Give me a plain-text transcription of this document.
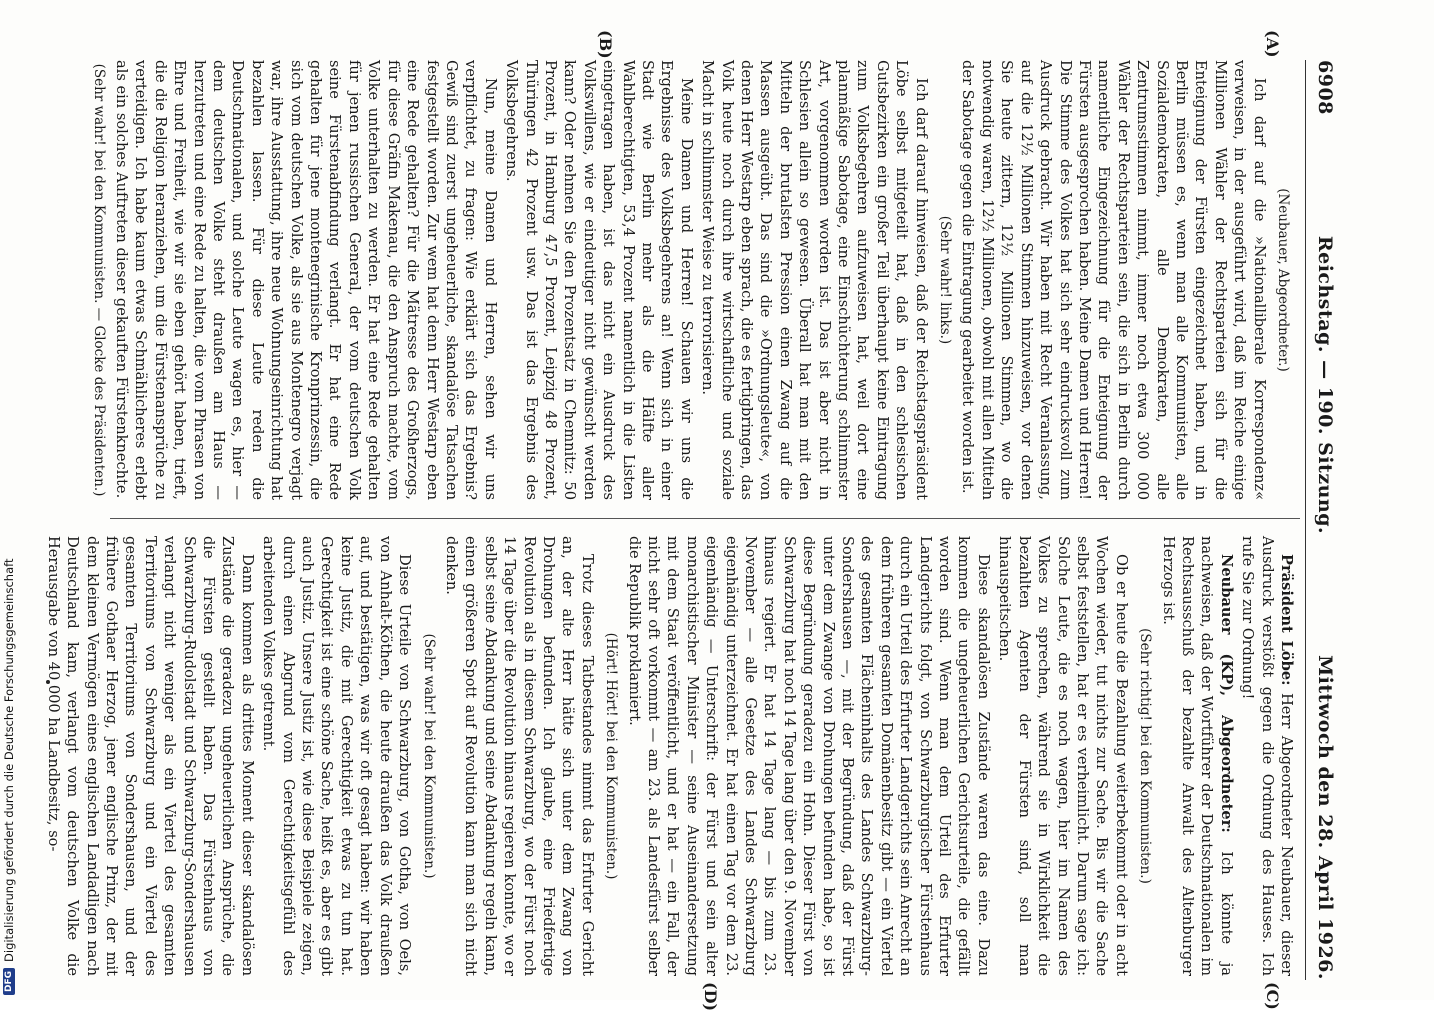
6908
Reichstag. — 190. Sitzung.
Mittwoch den 28. April 1926.
(A)
(B)
(C)
(D)

(Neubauer, Abgeordneter.)

Ich darf auf die »Nationalliberale Korrespondenz« verweisen, in der ausgeführt wird, daß im Reiche einige Millionen Wähler der Rechtsparteien sich für die Enteignung der Fürsten eingezeichnet haben, und in Berlin müssen es, wenn man alle Kommunisten, alle Sozialdemokraten, alle Demokraten, alle Zentrumsstimmen nimmt, immer noch etwa 300 000 Wähler der Rechtsparteien sein, die sich in Berlin durch namentliche Eingezeichnung für die Enteignung der Fürsten ausgesprochen haben. Meine Damen und Herren! Die Stimme des Volkes hat sich sehr eindrucksvoll zum Ausdruck gebracht. Wir haben mit Recht Veranlassung, auf die 12½ Millionen Stimmen hinzuweisen, vor denen Sie heute zittern, 12½ Millionen Stimmen, wo die notwendig waren, 12½ Millionen, obwohl mit allen Mitteln der Sabotage gegen die Eintragung gearbeitet worden ist.

(Sehr wahr! links.)

Ich darf darauf hinweisen, daß der Reichstagspräsident Löbe selbst mitgeteilt hat, daß in den schlesischen Gutsbezirken ein großer Teil überhaupt keine Eintragung zum Volksbegehren aufzuweisen hat, weil dort eine planmäßige Sabotage, eine Einschüchterung schlimmster Art, vorgenommen worden ist. Das ist aber nicht in Schlesien allein so gewesen. Überall hat man mit den Mitteln der brutalsten Pression einen Zwang auf die Massen ausgeübt. Das sind die »Ordnungsleute«, von denen Herr Westarp eben sprach, die es fertigbringen, das Volk heute noch durch ihre wirtschaftliche und soziale Macht in schlimmster Weise zu terrorisieren.

Meine Damen und Herren! Schauen wir uns die Ergebnisse des Volksbegehrens an! Wenn sich in einer Stadt wie Berlin mehr als die Hälfte aller Wahlberechtigten, 53,4 Prozent namentlich in die Listen eingetragen haben, ist das nicht ein Ausdruck des Volkswillens, wie er eindeutiger nicht gewünscht werden kann? Oder nehmen Sie den Prozentsatz in Chemnitz: 50 Prozent, in Hamburg 47,5 Prozent, Leipzig 48 Prozent, Thüringen 42 Prozent usw. Das ist das Ergebnis des Volksbegehrens.

Nun, meine Damen und Herren, sehen wir uns verpflichtet, zu fragen: Wie erklärt sich das Ergebnis? Gewiß sind zuerst ungeheuerliche, skandalöse Tatsachen festgestellt worden. Zur wem hat denn Herr Westarp eben eine Rede gehalten? Für die Mätresse des Großherzogs, für diese Gräfin Makenau, die den Anspruch machte, vom Volke unterhalten zu werden. Er hat eine Rede gehalten für jenen russischen General, der vom deutschen Volk seine Fürstenabfindung verlangt. Er hat eine Rede gehalten für jene montenegrinische Kronprinzessin, die sich vom deutschen Volke, als sie aus Montenegro verjagt war, ihre Ausstattung, ihre neue Wohnungseinrichtung hat bezahlen lassen. Für diese Leute reden die Deutschnationalen, und solche Leute wagen es, hier — dem deutschen Volke steht draußen am Haus — herzutreten und eine Rede zu halten, die vom Phrasen von Ehre und Freiheit, wie wir sie eben gehört haben, trieft, die die Religion heranziehen, um die Fürstenansprüche zu verteidigen. Ich habe kaum etwas Schmählicheres erlebt als ein solches Auftreten dieser gekauften Fürstenknechte.

(Sehr wahr! bei den Kommunisten. — Glocke des Präsidenten.)

Präsident Löbe: Herr Abgeordneter Neubauer, dieser Ausdruck verstößt gegen die Ordnung des Hauses. Ich rufe Sie zur Ordnung!

Neubauer (KP), Abgeordneter: Ich könnte ja nachweisen, daß der Wortführer der Deutschnationalen im Rechtsausschuß der bezahlte Anwalt des Altenburger Herzogs ist.

(Sehr richtig! bei den Kommunisten.)

Ob er heute die Bezahlung weiterbekommt oder in acht Wochen wieder, tut nichts zur Sache. Bis wir die Sache selbst feststellen, hat er es verheimlicht. Darum sage ich: Solche Leute, die es noch wagen, hier im Namen des Volkes zu sprechen, während sie in Wirklichkeit die bezahlten Agenten der Fürsten sind, soll man hinauspeitschen.

Diese skandalösen Zustände waren das eine. Dazu kommen die ungeheuerlichen Gerichtsurteile, die gefällt worden sind. Wenn man dem Urteil des Erfurter Landgerichts folgt, von Schwarzburgischer Fürstenhaus durch ein Urteil des Erfurter Landgerichts sein Anrecht an dem früheren gesamten Domänenbesitz gibt — ein Viertel des gesamten Flächeninhalts des Landes Schwarzburg-Sondershausen —, mit der Begründung, daß der Fürst unter dem Zwange von Drohungen befunden habe, so ist diese Begründung geradezu ein Hohn. Dieser Fürst von Schwarzburg hat noch 14 Tage lang über den 9. November hinaus regiert. Er hat 14 Tage lang — bis zum 23. November — alle Gesetze des Landes Schwarzburg eigenhändig unterzeichnet. Er hat einen Tag vor dem 23. eigenhändig — Unterschrift: der Fürst und sein alter monarchistischer Minister — seine Auseinandersetzung mit dem Staat veröffentlicht, und er hat — ein Fall, der nicht sehr oft vorkommt — am 23. als Landesfürst selber die Republik proklamiert.

(Hört! Hört! bei den Kommunisten.)

Trotz dieses Tatbestandes nimmt das Erfurter Gericht an, der alte Herr hätte sich unter dem Zwang von Drohungen befunden. Ich glaube, eine Friedfertige Revolution als in diesem Schwarzburg, wo der Fürst noch 14 Tage über die Revolution hinaus regieren konnte, wo er selbst seine Abdankung und seine Abdankung regeln kann, einen größeren Spott auf Revolution kann man sich nicht denken.

(Sehr wahr! bei den Kommunisten.)

Diese Urteile von Schwarzburg, von Gotha, von Oels, von Anhalt-Köthen, die heute draußen das Volk draußen auf, und bestätigen, was wir oft gesagt haben: wir haben keine Justiz, die mit Gerechtigkeit etwas zu tun hat. Gerechtigkeit ist eine schöne Sache, heißt es, aber es gibt auch Justiz. Unsere Justiz ist, wie diese Beispiele zeigen, durch einen Abgrund vom Gerechtigkeitsgefühl des arbeitenden Volkes getrennt.

Dann kommen als drittes Moment dieser skandalösen Zustände die geradezu ungeheuerlichen Ansprüche, die die Fürsten gestellt haben. Das Fürstenhaus von Schwarzburg-Rudolstadt und Schwarzburg-Sondershausen verlangt nicht weniger als ein Viertel des gesamten Territoriums von Schwarzburg und ein Viertel des gesamten Territoriums von Sondershausen, und der frühere Gothaer Herzog, jener englische Prinz, der mit dem kleinen Vermögen eines englischen Landadligen nach Deutschland kam, verlangt vom deutschen Volke die Herausgabe von 40 000 ha Landbesitz, so-

DFG
Digitalisierung gefördert durch die Deutsche Forschungsgemeinschaft
